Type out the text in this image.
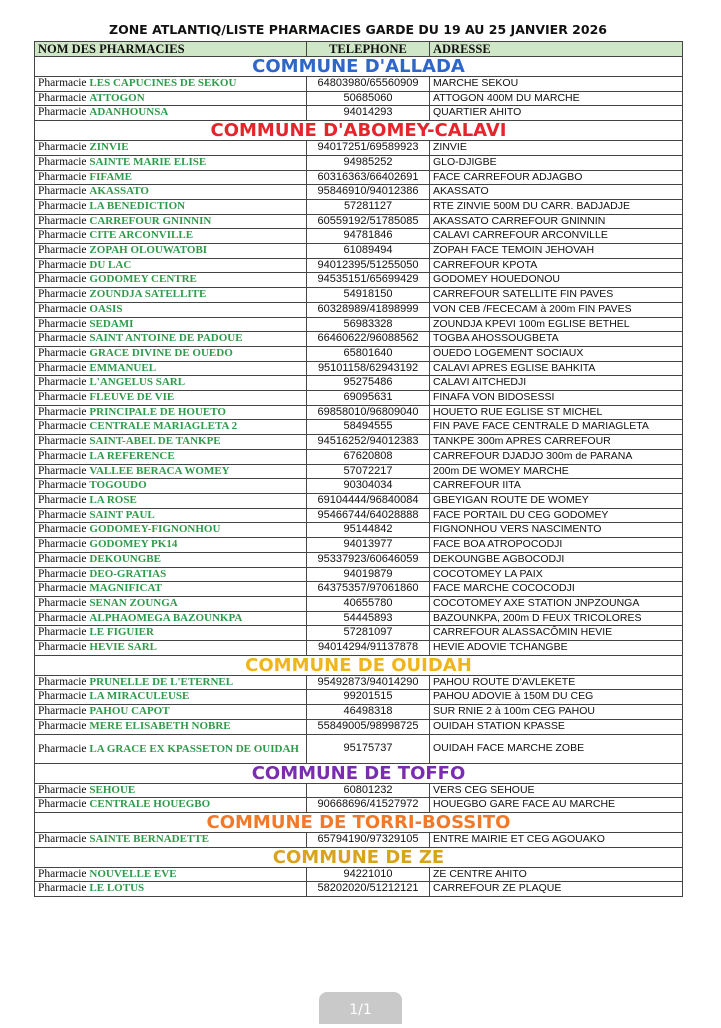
ZONE ATLANTIQ/LISTE PHARMACIES GARDE DU 19 AU 25 JANVIER 2026
NOM DES PHARMACIES	TELEPHONE	ADRESSE
COMMUNE D'ALLADA		
Pharmacie LES CAPUCINES DE SEKOU	64803980/65560909	MARCHE SEKOU
Pharmacie ATTOGON	50685060	ATTOGON 400M DU MARCHE
Pharmacie ADANHOUNSA	94014293	QUARTIER AHITO
COMMUNE D'ABOMEY-CALAVI		
Pharmacie ZINVIE	94017251/69589923	ZINVIE
Pharmacie SAINTE MARIE ELISE	94985252	GLO-DJIGBE
Pharmacie FIFAME	60316363/66402691	FACE CARREFOUR ADJAGBO
Pharmacie AKASSATO	95846910/94012386	AKASSATO
Pharmacie LA BENEDICTION	57281127	RTE ZINVIE 500M DU CARR. BADJADJE
Pharmacie CARREFOUR GNINNIN	60559192/51785085	AKASSATO CARREFOUR GNINNIN
Pharmacie CITE ARCONVILLE	94781846	CALAVI CARREFOUR ARCONVILLE
Pharmacie ZOPAH OLOUWATOBI	61089494	ZOPAH FACE TEMOIN JEHOVAH
Pharmacie DU LAC	94012395/51255050	CARREFOUR KPOTA
Pharmacie GODOMEY CENTRE	94535151/65699429	GODOMEY HOUEDONOU
Pharmacie ZOUNDJA SATELLITE	54918150	CARREFOUR SATELLITE FIN PAVES
Pharmacie OASIS	60328989/41898999	VON CEB /FECECAM à 200m FIN PAVES
Pharmacie SEDAMI	56983328	ZOUNDJA KPEVI 100m EGLISE BETHEL
Pharmacie SAINT ANTOINE DE PADOUE	66460622/96088562	TOGBA AHOSSOUGBETA
Pharmacie GRACE DIVINE DE OUEDO	65801640	OUEDO LOGEMENT SOCIAUX
Pharmacie EMMANUEL	95101158/62943192	CALAVI APRES EGLISE BAHKITA
Pharmacie L'ANGELUS SARL	95275486	CALAVI AITCHEDJI
Pharmacie FLEUVE DE VIE	69095631	FINAFA VON BIDOSESSI
Pharmacie PRINCIPALE DE HOUETO	69858010/96809040	HOUETO RUE EGLISE ST MICHEL
Pharmacie CENTRALE MARIAGLETA 2	58494555	FIN PAVE FACE CENTRALE D MARIAGLETA
Pharmacie SAINT-ABEL DE TANKPE	94516252/94012383	TANKPE 300m APRES CARREFOUR
Pharmacie LA REFERENCE	67620808	CARREFOUR DJADJO 300m de PARANA
Pharmacie VALLEE BERACA WOMEY	57072217	200m DE WOMEY MARCHE
Pharmacie TOGOUDO	90304034	CARREFOUR IITA
Pharmacie LA ROSE	69104444/96840084	GBEYIGAN ROUTE DE WOMEY
Pharmacie SAINT PAUL	95466744/64028888	FACE PORTAIL DU CEG GODOMEY
Pharmacie GODOMEY-FIGNONHOU	95144842	FIGNONHOU VERS NASCIMENTO
Pharmacie GODOMEY PK14	94013977	FACE BOA ATROPOCODJI
Pharmacie DEKOUNGBE	95337923/60646059	DEKOUNGBE AGBOCODJI
Pharmacie DEO-GRATIAS	94019879	COCOTOMEY LA PAIX
Pharmacie MAGNIFICAT	64375357/97061860	FACE MARCHE COCOCODJI
Pharmacie SENAN ZOUNGA	40655780	COCOTOMEY AXE STATION JNPZOUNGA
Pharmacie ALPHAOMEGA BAZOUNKPA	54445893	BAZOUNKPA, 200m D FEUX TRICOLORES
Pharmacie LE FIGUIER	57281097	CARREFOUR ALASSACÔMIN HEVIE
Pharmacie HEVIE SARL	94014294/91137878	HEVIE ADOVIE TCHANGBE
COMMUNE DE OUIDAH		
Pharmacie PRUNELLE DE L'ETERNEL	95492873/94014290	PAHOU ROUTE D'AVLEKETE
Pharmacie LA MIRACULEUSE	99201515	PAHOU ADOVIE à 150M DU CEG
Pharmacie PAHOU CAPOT	46498318	SUR RNIE 2 à 100m CEG PAHOU
Pharmacie MERE ELISABETH NOBRE	55849005/98998725	OUIDAH STATION KPASSE
Pharmacie LA GRACE EX KPASSETON DE OUIDAH	95175737	OUIDAH FACE MARCHE ZOBE
COMMUNE DE TOFFO		
Pharmacie SEHOUE	60801232	VERS CEG SEHOUE
Pharmacie CENTRALE HOUEGBO	90668696/41527972	HOUEGBO GARE FACE AU MARCHE
COMMUNE DE TORRI-BOSSITO		
Pharmacie SAINTE BERNADETTE	65794190/97329105	ENTRE MAIRIE ET CEG AGOUAKO
COMMUNE DE ZE		
Pharmacie NOUVELLE EVE	94221010	ZE CENTRE AHITO
Pharmacie LE LOTUS	58202020/51212121	CARREFOUR ZE PLAQUE
1/1
